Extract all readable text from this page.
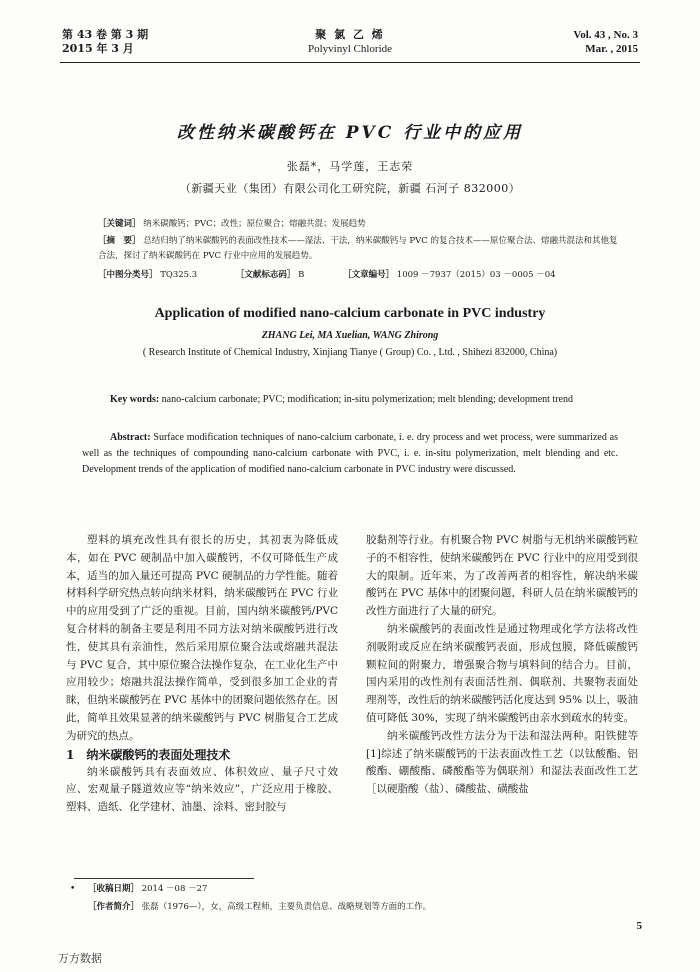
第 43 卷 第 3 期
2015 年 3 月
聚 氯 乙 烯
Polyvinyl Chloride
Vol. 43 , No. 3
Mar. , 2015
改性纳米碳酸钙在 PVC 行业中的应用
张磊*，马学莲，王志荣
（新疆天业（集团）有限公司化工研究院，新疆 石河子 832000）
［关键词］ 纳米碳酸钙；PVC；改性；原位聚合；熔融共混；发展趋势
［摘　要］ 总结归纳了纳米碳酸钙的表面改性技术——湿法、干法，纳米碳酸钙与 PVC 的复合技术——原位聚合法、熔融共混法和其他复合法，探讨了纳米碳酸钙在 PVC 行业中应用的发展趋势。
［中图分类号］ TQ325.3	［文献标志码］ B	［文章编号］ 1009 －7937（2015）03 －0005 －04
Application of modified nano-calcium carbonate in PVC industry
ZHANG Lei, MA Xuelian, WANG Zhirong
( Research Institute of Chemical Industry, Xinjiang Tianye ( Group) Co. , Ltd. , Shihezi 832000, China)
Key words: nano-calcium carbonate; PVC; modification; in-situ polymerization; melt blending; development trend
Abstract: Surface modification techniques of nano-calcium carbonate, i. e. dry process and wet process, were summarized as well as the techniques of compounding nano-calcium carbonate with PVC, i. e. in-situ polymerization, melt blending and etc. Development trends of the application of modified nano-calcium carbonate in PVC industry were discussed.

塑料的填充改性具有很长的历史，其初衷为降低成本，如在 PVC 硬制品中加入碳酸钙，不仅可降低生产成本，适当的加入量还可提高 PVC 硬制品的力学性能。随着材料科学研究热点转向纳米材料，纳米碳酸钙在 PVC 行业中的应用受到了广泛的重视。目前，国内纳米碳酸钙/PVC 复合材料的制备主要是利用不同方法对纳米碳酸钙进行改性，使其具有亲油性，然后采用原位聚合法或熔融共混法与 PVC 复合，其中原位聚合法操作复杂，在工业化生产中应用较少；熔融共混法操作简单，受到很多加工企业的青睐，但纳米碳酸钙在 PVC 基体中的团聚问题依然存在。因此，简单且效果显著的纳米碳酸钙与 PVC 树脂复合工艺成为研究的热点。

1　纳米碳酸钙的表面处理技术

纳米碳酸钙具有表面效应、体积效应、量子尺寸效应、宏观量子隧道效应等“纳米效应”，广泛应用于橡胶、塑料、造纸、化学建材、油墨、涂料、密封胶与

胶黏剂等行业。有机聚合物 PVC 树脂与无机纳米碳酸钙粒子的不相容性，使纳米碳酸钙在 PVC 行业中的应用受到很大的限制。近年来，为了改善两者的相容性，解决纳米碳酸钙在 PVC 基体中的团聚问题，科研人员在纳米碳酸钙的改性方面进行了大量的研究。

纳米碳酸钙的表面改性是通过物理或化学方法将改性剂吸附或反应在纳米碳酸钙表面，形成包膜，降低碳酸钙颗粒间的附聚力，增强聚合物与填料间的结合力。目前，国内采用的改性剂有表面活性剂、偶联剂、共聚物表面处理剂等，改性后的纳米碳酸钙活化度达到 95% 以上，吸油值可降低 30%，实现了纳米碳酸钙由亲水到疏水的转变。

纳米碳酸钙改性方法分为干法和湿法两种。阳铁健等[1]综述了纳米碳酸钙的干法表面改性工艺（以钛酸酯、铝酸酯、硼酸酯、磷酸酯等为偶联剂）和湿法表面改性工艺［以硬脂酸（盐）、磷酸盐、磺酸盐

• ［收稿日期］ 2014 －08 －27
［作者简介］ 张磊（1976—），女，高级工程师，主要负责信息、战略规划等方面的工作。
5
万方数据
